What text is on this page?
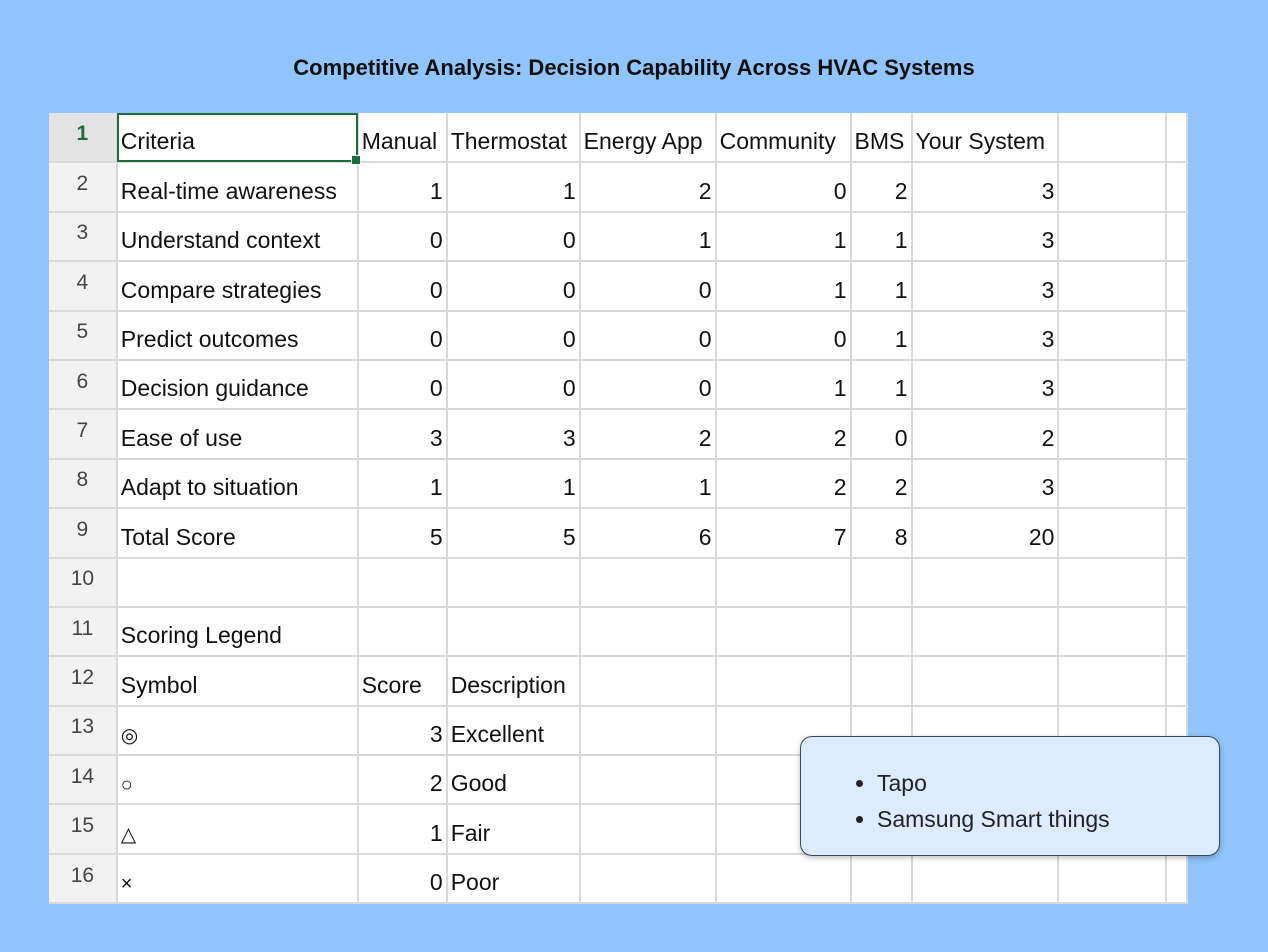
Competitive Analysis: Decision Capability Across HVAC Systems
1	Criteria	Manual	Thermostat	Energy App	Community	BMS	Your System		
2	Real-time awareness	1	1	2	0	2	3		
3	Understand context	0	0	1	1	1	3		
4	Compare strategies	0	0	0	1	1	3		
5	Predict outcomes	0	0	0	0	1	3		
6	Decision guidance	0	0	0	1	1	3		
7	Ease of use	3	3	2	2	0	2		
8	Adapt to situation	1	1	1	2	2	3		
9	Total Score	5	5	6	7	8	20		
10									
11	Scoring Legend								
12	Symbol	Score	Description						
13	◎	3	Excellent						
14	○	2	Good						
15	△	1	Fair						
16	×	0	Poor						
Tapo
Samsung Smart things
